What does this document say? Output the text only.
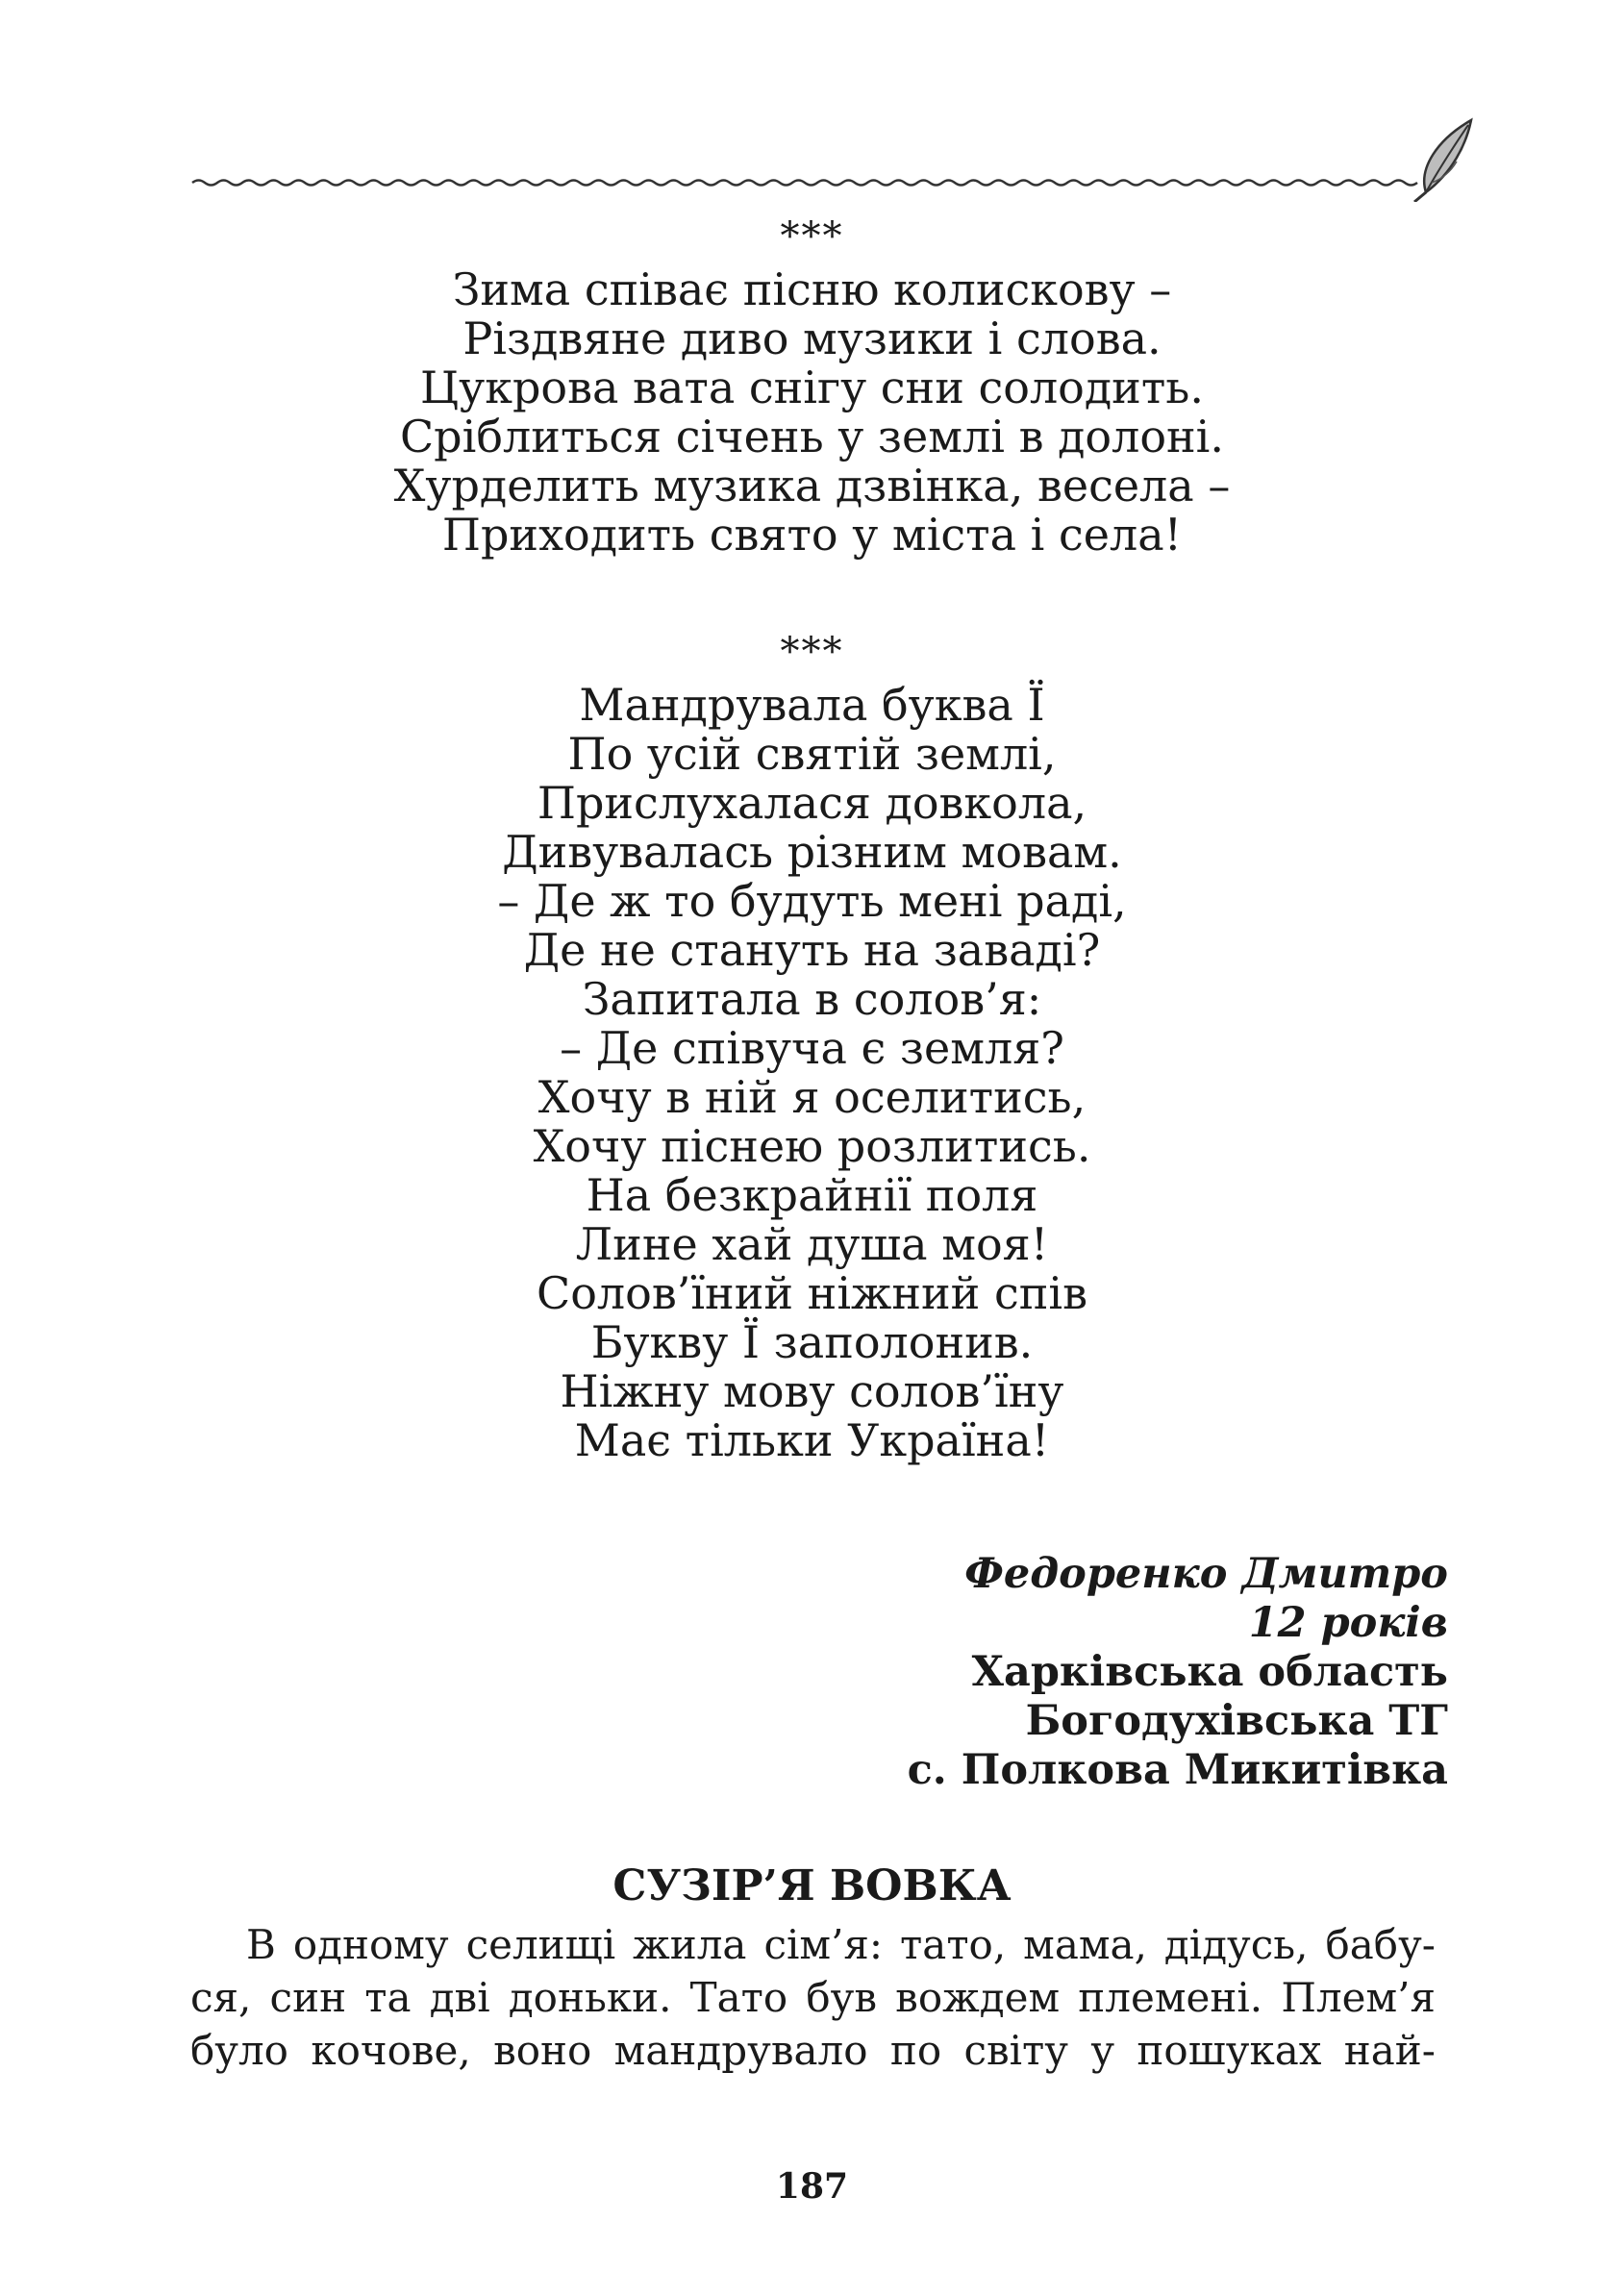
***
Зима співає пісню колискову –
Різдвяне диво музики і слова.
Цукрова вата снігу сни солодить.
Сріблиться січень у землі в долоні.
Хурделить музика дзвінка, весела –
Приходить свято у міста і села!
***
Мандрувала буква Ї
По усій святій землі,
Прислухалася довкола,
Дивувалась різним мовам.
– Де ж то будуть мені раді,
Де не стануть на заваді?
Запитала в солов’я:
– Де співуча є земля?
Хочу в ній я оселитись,
Хочу піснею розлитись.
На безкрайнії поля
Лине хай душа моя!
Солов’їний ніжний спів
Букву Ї заполонив.
Ніжну мову солов’їну
Має тільки Україна!
Федоренко Дмитро
12 років
Харківська область
Богодухівська ТГ
с. Полкова Микитівка
СУЗІР’Я ВОВКА
В одному селищі жила сім’я: тато, мама, дідусь, бабу-
ся, син та дві доньки. Тато був вождем племені. Плем’я
було кочове, воно мандрувало по світу у пошуках най-
187
